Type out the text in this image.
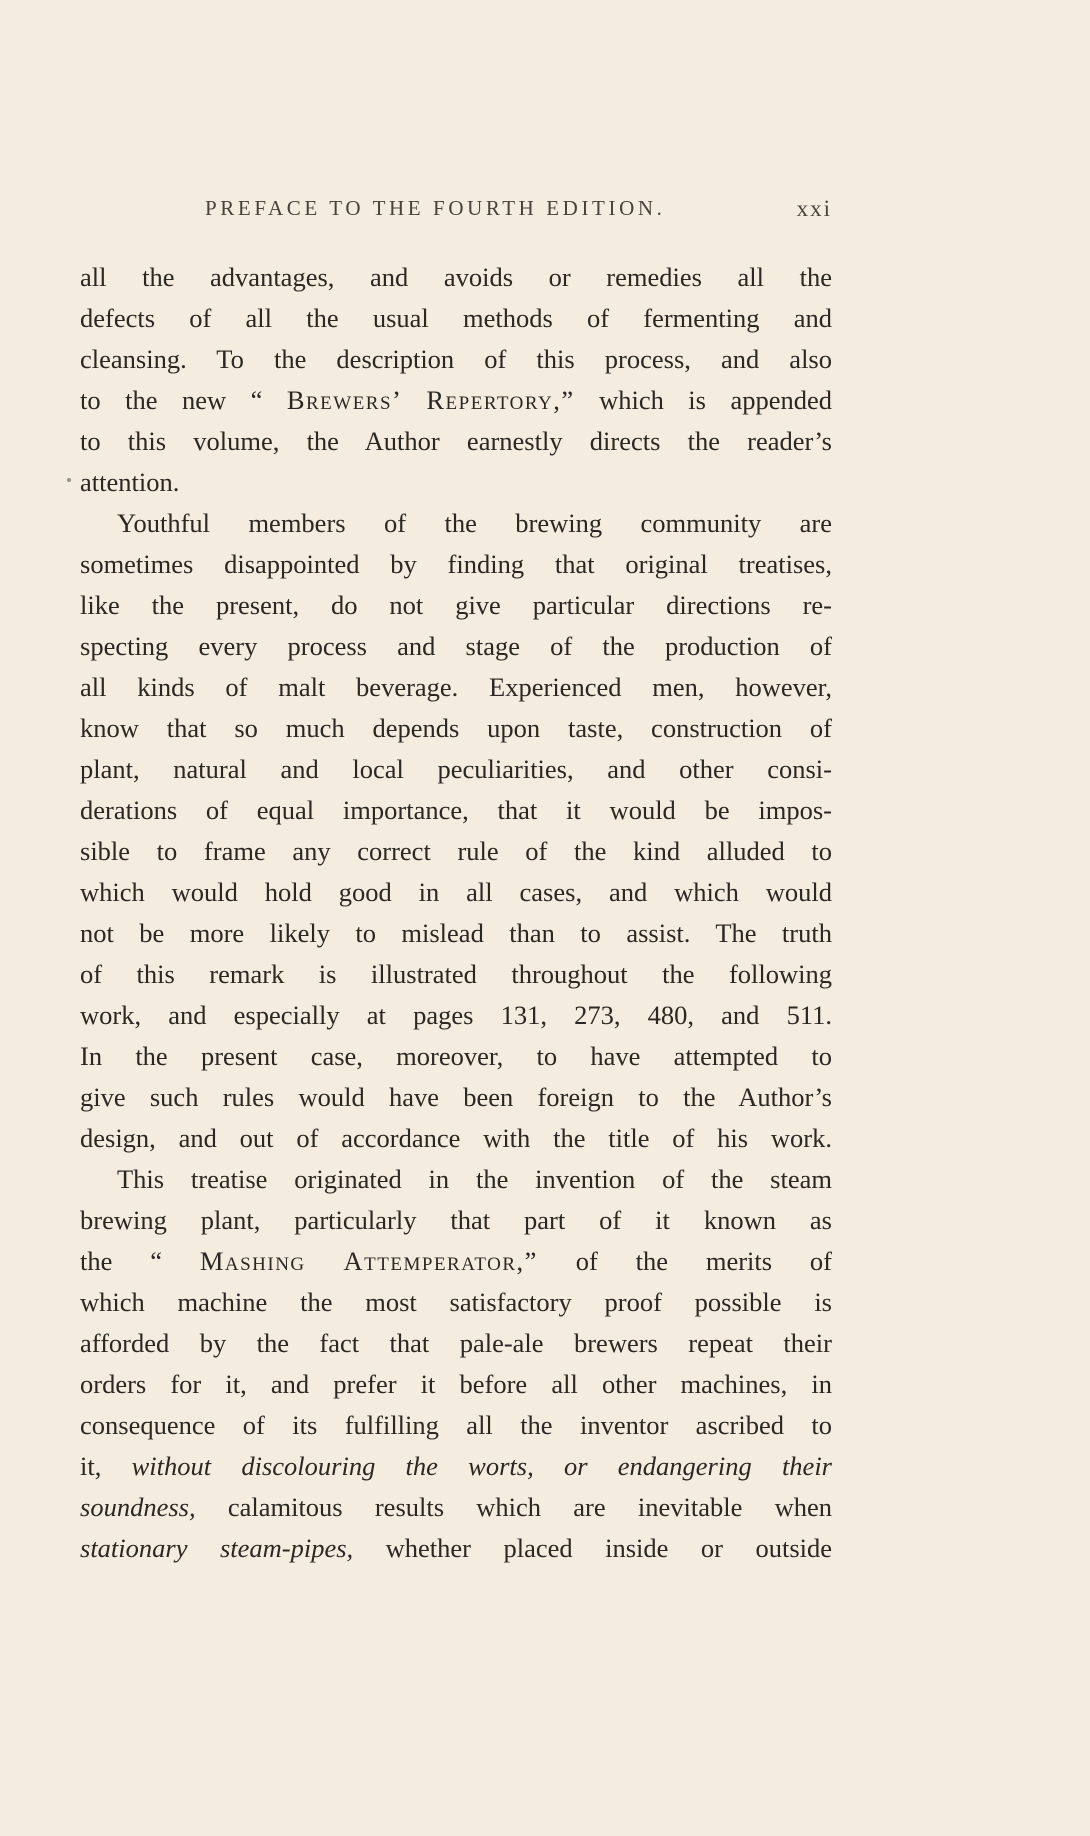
PREFACE TO THE FOURTH EDITION.	xxi
all the advantages, and avoids or remedies all the
defects of all the usual methods of fermenting and
cleansing. To the description of this process, and also
to the new “ Brewers’ Repertory,” which is appended
to this volume, the Author earnestly directs the reader’s
attention.
Youthful members of the brewing community are
sometimes disappointed by finding that original treatises,
like the present, do not give particular directions re-
specting every process and stage of the production of
all kinds of malt beverage. Experienced men, however,
know that so much depends upon taste, construction of
plant, natural and local peculiarities, and other consi-
derations of equal importance, that it would be impos-
sible to frame any correct rule of the kind alluded to
which would hold good in all cases, and which would
not be more likely to mislead than to assist. The truth
of this remark is illustrated throughout the following
work, and especially at pages 131, 273, 480, and 511.
In the present case, moreover, to have attempted to
give such rules would have been foreign to the Author’s
design, and out of accordance with the title of his work.
This treatise originated in the invention of the steam
brewing plant, particularly that part of it known as
the “ Mashing Attemperator,” of the merits of
which machine the most satisfactory proof possible is
afforded by the fact that pale-ale brewers repeat their
orders for it, and prefer it before all other machines, in
consequence of its fulfilling all the inventor ascribed to
it, without discolouring the worts, or endangering their
soundness, calamitous results which are inevitable when
stationary steam-pipes, whether placed inside or outside
